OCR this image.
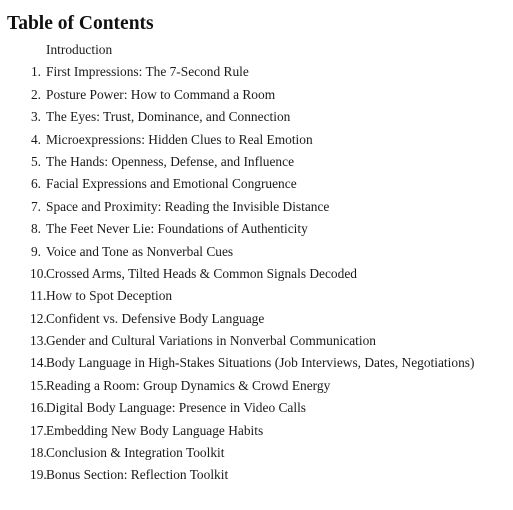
Table of Contents
Introduction
1. First Impressions: The 7-Second Rule
2. Posture Power: How to Command a Room
3. The Eyes: Trust, Dominance, and Connection
4. Microexpressions: Hidden Clues to Real Emotion
5. The Hands: Openness, Defense, and Influence
6. Facial Expressions and Emotional Congruence
7. Space and Proximity: Reading the Invisible Distance
8. The Feet Never Lie: Foundations of Authenticity
9. Voice and Tone as Nonverbal Cues
10. Crossed Arms, Tilted Heads & Common Signals Decoded
11. How to Spot Deception
12. Confident vs. Defensive Body Language
13. Gender and Cultural Variations in Nonverbal Communication
14. Body Language in High-Stakes Situations (Job Interviews, Dates, Negotiations)
15. Reading a Room: Group Dynamics & Crowd Energy
16. Digital Body Language: Presence in Video Calls
17. Embedding New Body Language Habits
18. Conclusion & Integration Toolkit
19. Bonus Section: Reflection Toolkit
